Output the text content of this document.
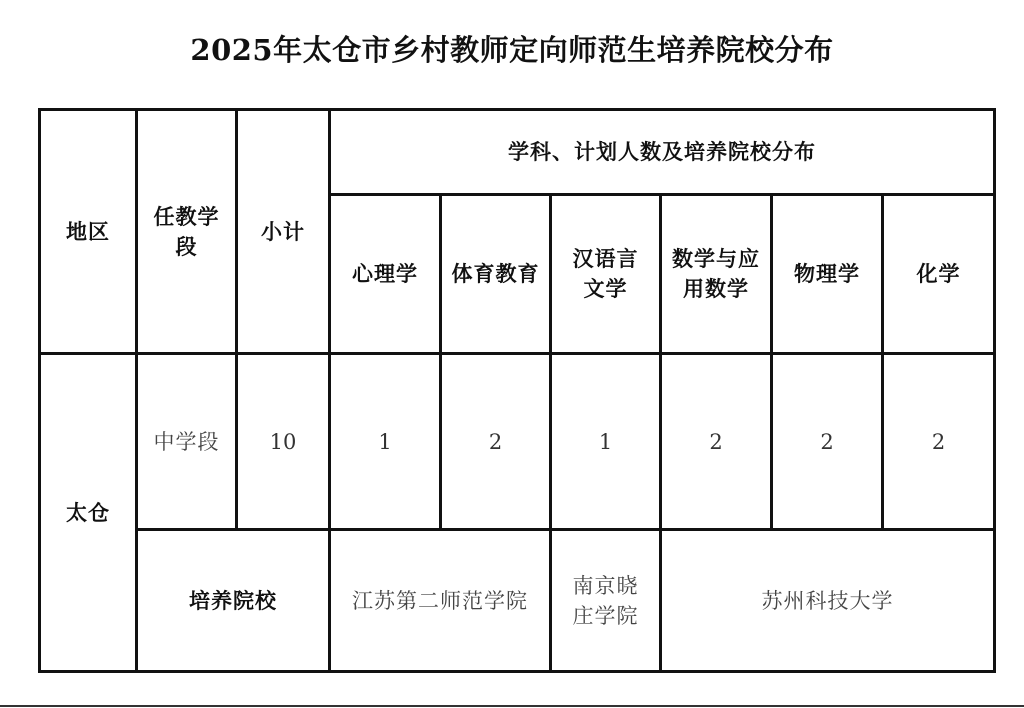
2025年太仓市乡村教师定向师范生培养院校分布
地区	任教学段	小计	学科、计划人数及培养院校分布					
			心理学	体育教育	汉语言文学	数学与应用数学	物理学	化学
太仓	中学段	10	1	2	1	2	2	2
	培养院校		江苏第二师范学院		南京晓庄学院	苏州科技大学		
